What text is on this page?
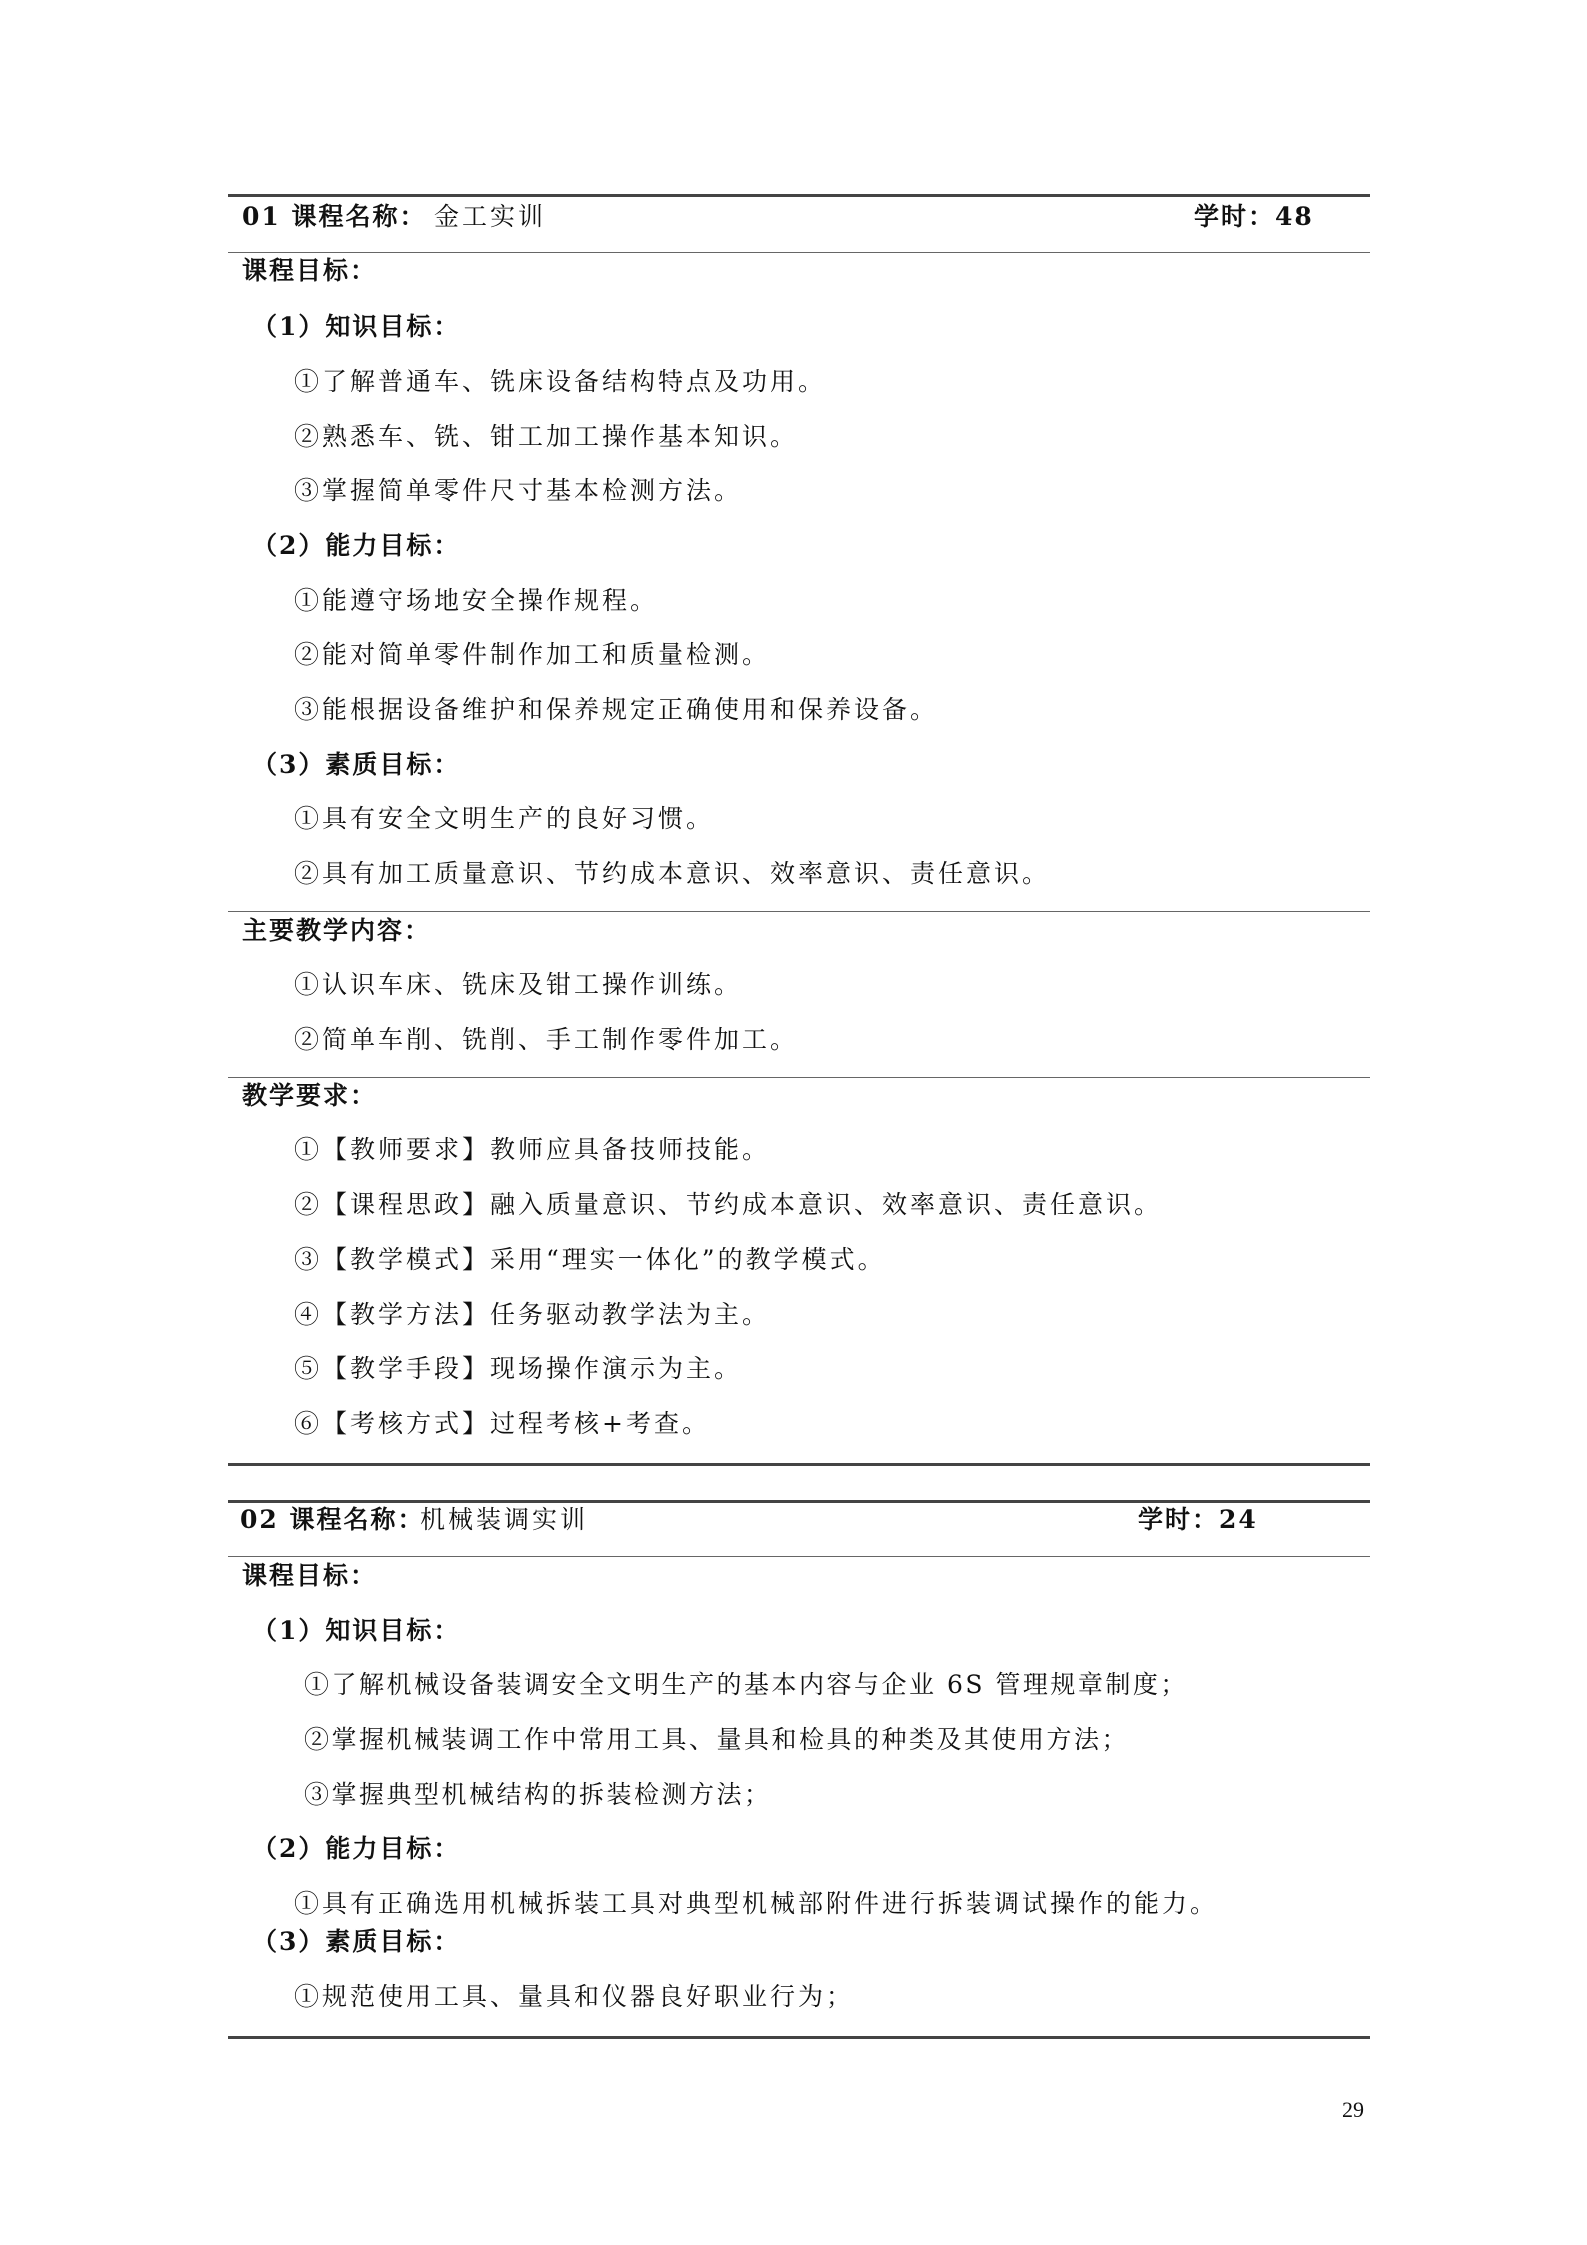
01 课程名称： 金工实训	学时：48
课程目标：
（1）知识目标：
①了解普通车、铣床设备结构特点及功用。
②熟悉车、铣、钳工加工操作基本知识。
③掌握简单零件尺寸基本检测方法。
（2）能力目标：
①能遵守场地安全操作规程。
②能对简单零件制作加工和质量检测。
③能根据设备维护和保养规定正确使用和保养设备。
（3）素质目标：
①具有安全文明生产的良好习惯。
②具有加工质量意识、节约成本意识、效率意识、责任意识。
主要教学内容：
①认识车床、铣床及钳工操作训练。
②简单车削、铣削、手工制作零件加工。
教学要求：
①【教师要求】教师应具备技师技能。
②【课程思政】融入质量意识、节约成本意识、效率意识、责任意识。
③【教学模式】采用“理实一体化”的教学模式。
④【教学方法】任务驱动教学法为主。
⑤【教学手段】现场操作演示为主。
⑥【考核方式】过程考核+考查。
02 课程名称：
机械装调实训	学时：24
课程目标：
（1）知识目标：
①了解机械设备装调安全文明生产的基本内容与企业 6S 管理规章制度；
②掌握机械装调工作中常用工具、量具和检具的种类及其使用方法；
③掌握典型机械结构的拆装检测方法；
（2）能力目标：
①具有正确选用机械拆装工具对典型机械部附件进行拆装调试操作的能力。
（3）素质目标：
①规范使用工具、量具和仪器良好职业行为；
29
